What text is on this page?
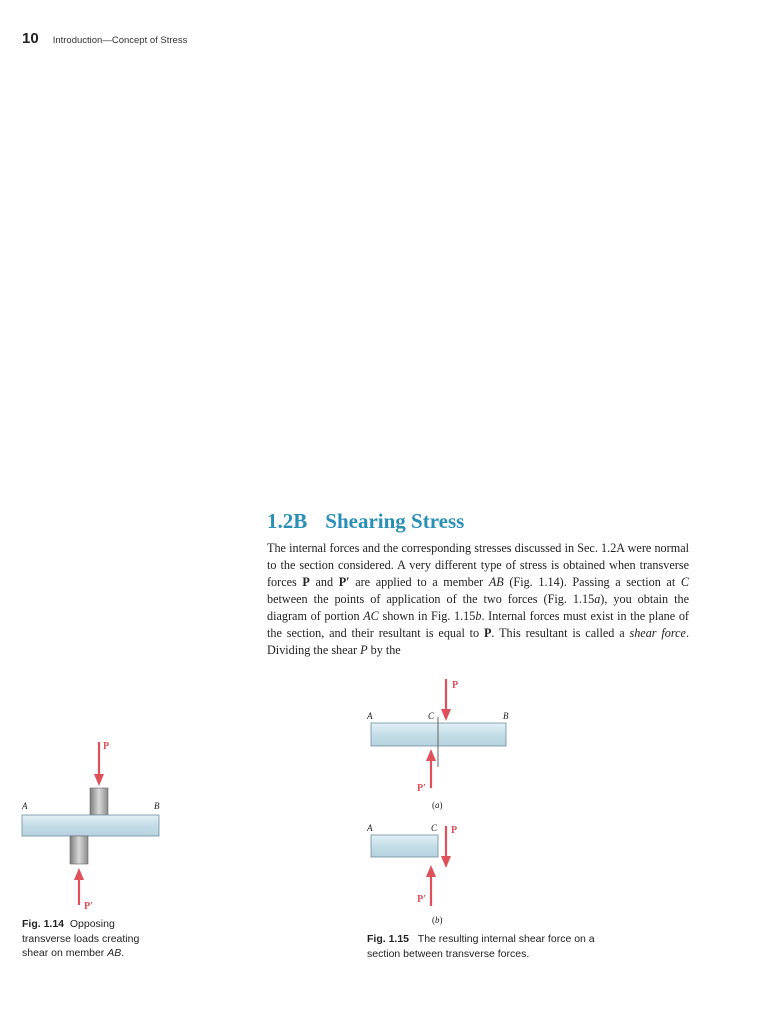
10 Introduction—Concept of Stress
1.2B Shearing Stress

The internal forces and the corresponding stresses discussed in Sec. 1.2A were normal to the section considered. A very different type of stress is obtained when transverse forces P and P′ are applied to a member AB (Fig. 1.14). Passing a section at C between the points of application of the two forces (Fig. 1.15a), you obtain the diagram of portion AC shown in Fig. 1.15b. Internal forces must exist in the plane of the section, and their resultant is equal to P. This resultant is called a shear force. Dividing the shear P by the

P
P′
A	B
P
P′
A	C	B
(a)
P
P′
A	C
(b)
Fig. 1.14 Opposing transverse loads creating shear on member AB.
Fig. 1.15 The resulting internal shear force on a section between transverse forces.
